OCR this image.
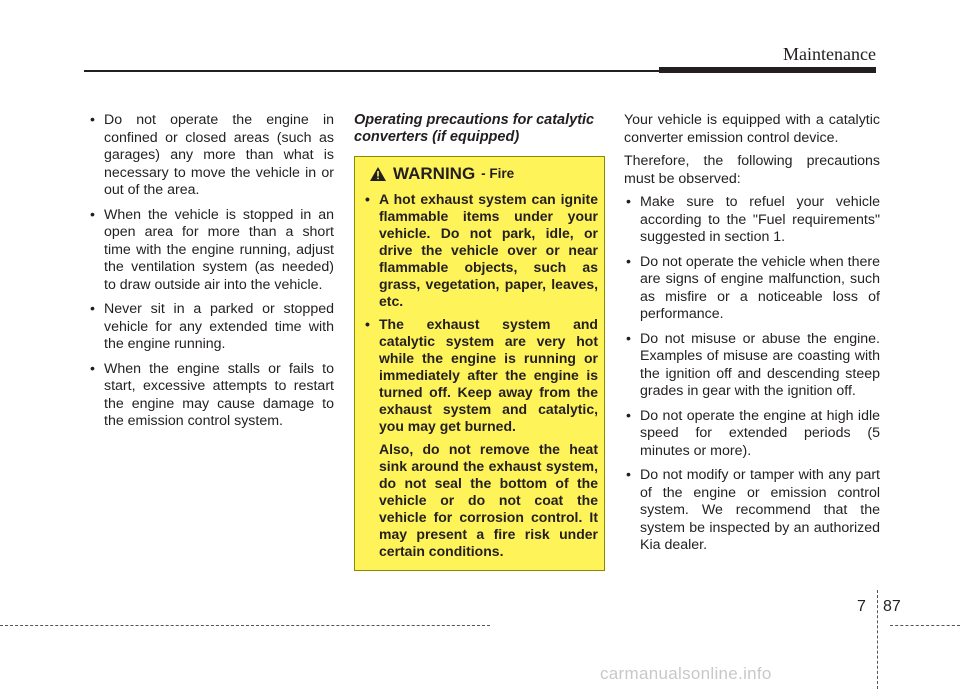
Maintenance
• Do not operate the engine in confined or closed areas (such as garages) any more than what is necessary to move the vehicle in or out of the area.
• When the vehicle is stopped in an open area for more than a short time with the engine running, adjust the ventilation system (as needed) to draw outside air into the vehicle.
• Never sit in a parked or stopped vehicle for any extended time with the engine running.
• When the engine stalls or fails to start, excessive attempts to restart the engine may cause damage to the emission control system.
Operating precautions for catalytic converters (if equipped)
WARNING - Fire
• A hot exhaust system can ignite flammable items under your vehicle. Do not park, idle, or drive the vehicle over or near flammable objects, such as grass, vegetation, paper, leaves, etc.
• The exhaust system and catalytic system are very hot while the engine is running or immediately after the engine is turned off. Keep away from the exhaust system and catalytic, you may get burned.

Also, do not remove the heat sink around the exhaust system, do not seal the bottom of the vehicle or do not coat the vehicle for corrosion control. It may present a fire risk under certain conditions.

Your vehicle is equipped with a catalytic converter emission control device.

Therefore, the following precautions must be observed:

• Make sure to refuel your vehicle according to the "Fuel requirements" suggested in section 1.
• Do not operate the vehicle when there are signs of engine malfunction, such as misfire or a noticeable loss of performance.
• Do not misuse or abuse the engine. Examples of misuse are coasting with the ignition off and descending steep grades in gear with the ignition off.
• Do not operate the engine at high idle speed for extended periods (5 minutes or more).
• Do not modify or tamper with any part of the engine or emission control system. We recommend that the system be inspected by an authorized Kia dealer.
7 87
carmanualsonline.info
